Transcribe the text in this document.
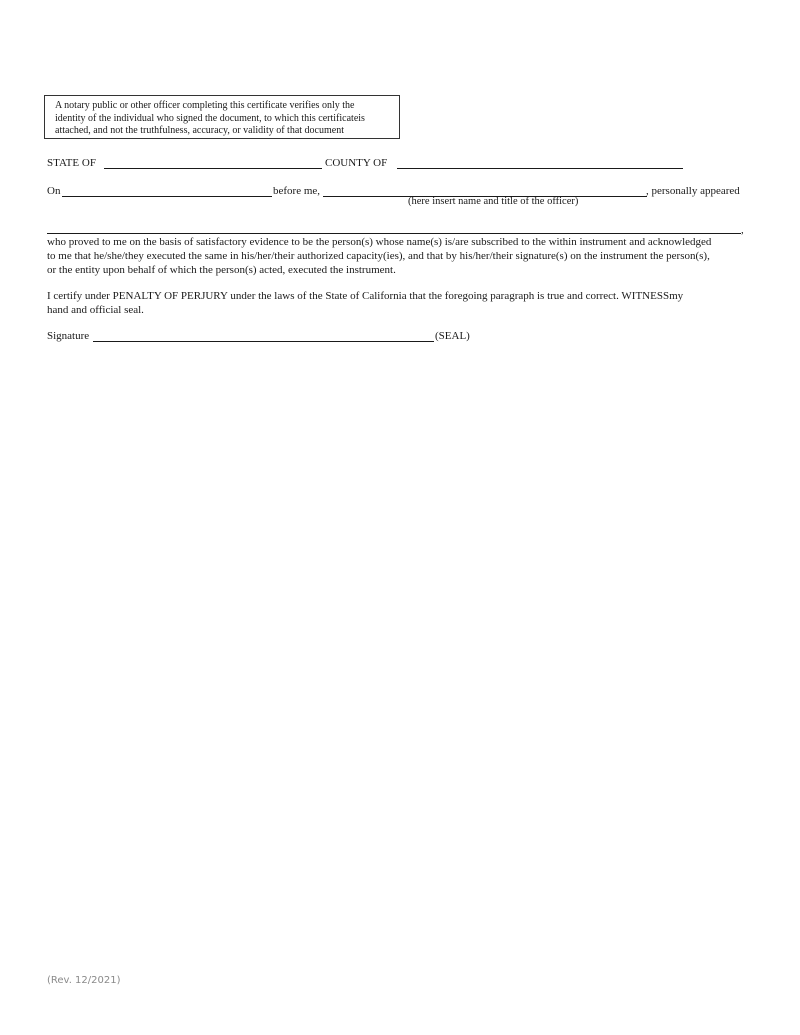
A notary public or other officer completing this certificate verifies only the
identity of the individual who signed the document, to which this certificateis
attached, and not the truthfulness, accuracy, or validity of that document
STATE OF	COUNTY OF
On	before me,	, personally appeared
(here insert name and title of the officer)
,
who proved to me on the basis of satisfactory evidence to be the person(s) whose name(s) is/are subscribed to the within instrument and acknowledged
to me that he/she/they executed the same in his/her/their authorized capacity(ies), and that by his/her/their signature(s) on the instrument the person(s),
or the entity upon behalf of which the person(s) acted, executed the instrument.
I certify under PENALTY OF PERJURY under the laws of the State of California that the foregoing paragraph is true and correct. WITNESSmy
hand and official seal.
Signature	(SEAL)
(Rev. 12/2021)
